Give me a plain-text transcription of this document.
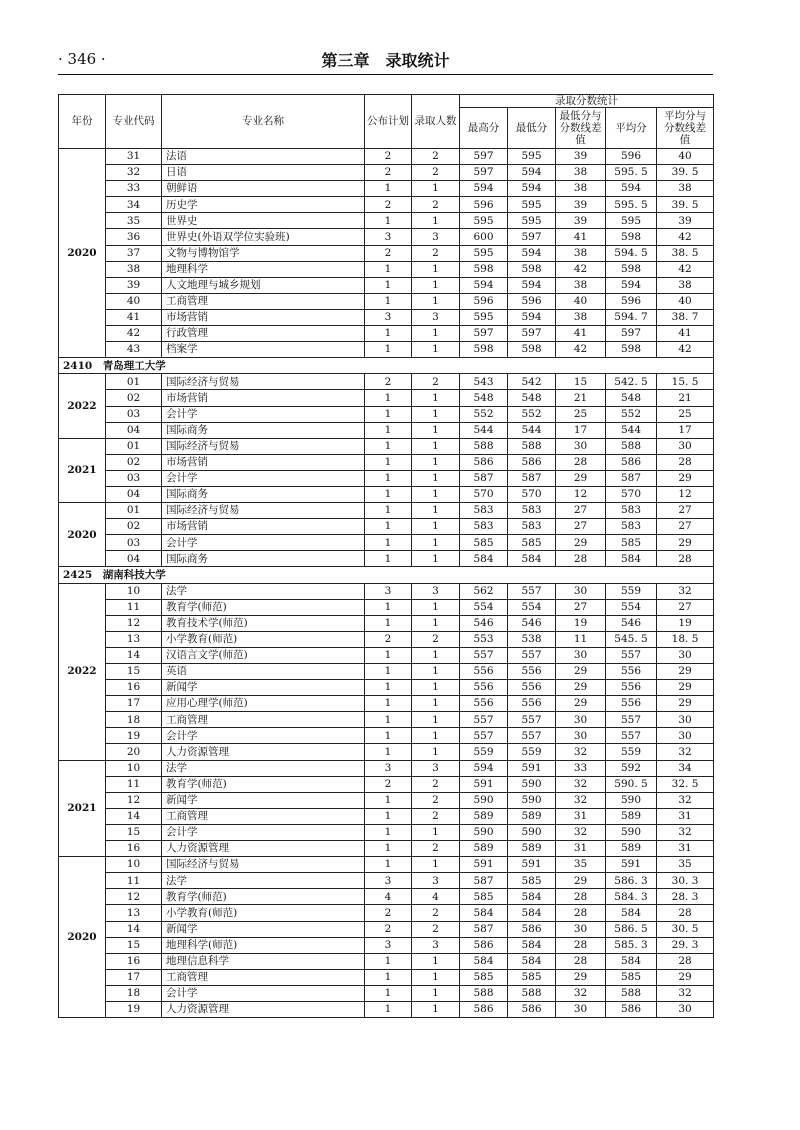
· 346 ·	第三章　录取统计
年份	专业代码	专业名称	公布计划	录取人数	录取分数统计				
					最高分	最低分	最低分与分数线差值	平均分	平均分与分数线差值
2020	31	法语	2	2	597	595	39	596	40
	32	日语	2	2	597	594	38	595. 5	39. 5
	33	朝鲜语	1	1	594	594	38	594	38
	34	历史学	2	2	596	595	39	595. 5	39. 5
	35	世界史	1	1	595	595	39	595	39
	36	世界史(外语双学位实验班)	3	3	600	597	41	598	42
	37	文物与博物馆学	2	2	595	594	38	594. 5	38. 5
	38	地理科学	1	1	598	598	42	598	42
	39	人文地理与城乡规划	1	1	594	594	38	594	38
	40	工商管理	1	1	596	596	40	596	40
	41	市场营销	3	3	595	594	38	594. 7	38. 7
	42	行政管理	1	1	597	597	41	597	41
	43	档案学	1	1	598	598	42	598	42
2410　青岛理工大学									
2022	01	国际经济与贸易	2	2	543	542	15	542. 5	15. 5
	02	市场营销	1	1	548	548	21	548	21
	03	会计学	1	1	552	552	25	552	25
	04	国际商务	1	1	544	544	17	544	17
2021	01	国际经济与贸易	1	1	588	588	30	588	30
	02	市场营销	1	1	586	586	28	586	28
	03	会计学	1	1	587	587	29	587	29
	04	国际商务	1	1	570	570	12	570	12
2020	01	国际经济与贸易	1	1	583	583	27	583	27
	02	市场营销	1	1	583	583	27	583	27
	03	会计学	1	1	585	585	29	585	29
	04	国际商务	1	1	584	584	28	584	28
2425　湖南科技大学									
2022	10	法学	3	3	562	557	30	559	32
	11	教育学(师范)	1	1	554	554	27	554	27
	12	教育技术学(师范)	1	1	546	546	19	546	19
	13	小学教育(师范)	2	2	553	538	11	545. 5	18. 5
	14	汉语言文学(师范)	1	1	557	557	30	557	30
	15	英语	1	1	556	556	29	556	29
	16	新闻学	1	1	556	556	29	556	29
	17	应用心理学(师范)	1	1	556	556	29	556	29
	18	工商管理	1	1	557	557	30	557	30
	19	会计学	1	1	557	557	30	557	30
	20	人力资源管理	1	1	559	559	32	559	32
2021	10	法学	3	3	594	591	33	592	34
	11	教育学(师范)	2	2	591	590	32	590. 5	32. 5
	12	新闻学	1	2	590	590	32	590	32
	14	工商管理	1	2	589	589	31	589	31
	15	会计学	1	1	590	590	32	590	32
	16	人力资源管理	1	2	589	589	31	589	31
2020	10	国际经济与贸易	1	1	591	591	35	591	35
	11	法学	3	3	587	585	29	586. 3	30. 3
	12	教育学(师范)	4	4	585	584	28	584. 3	28. 3
	13	小学教育(师范)	2	2	584	584	28	584	28
	14	新闻学	2	2	587	586	30	586. 5	30. 5
	15	地理科学(师范)	3	3	586	584	28	585. 3	29. 3
	16	地理信息科学	1	1	584	584	28	584	28
	17	工商管理	1	1	585	585	29	585	29
	18	会计学	1	1	588	588	32	588	32
	19	人力资源管理	1	1	586	586	30	586	30
